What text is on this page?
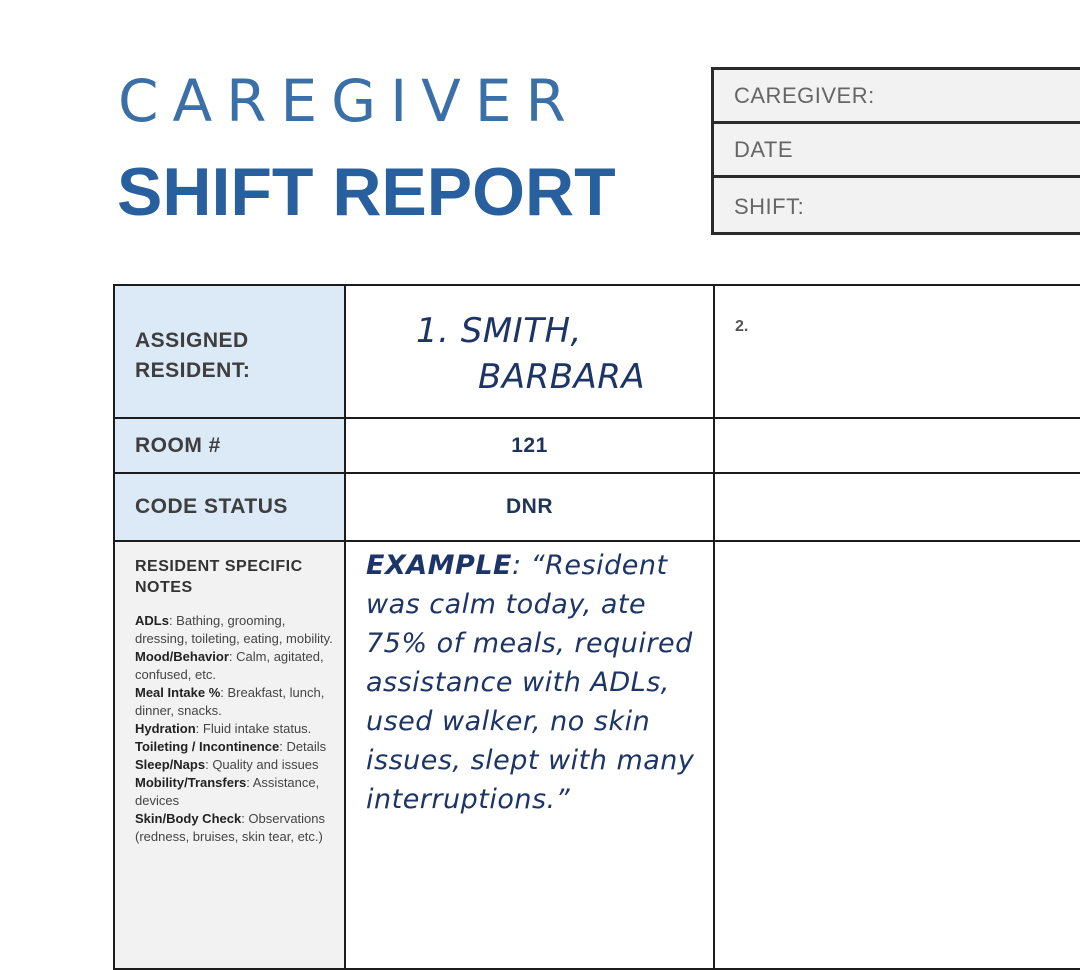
CAREGIVER
SHIFT REPORT
CAREGIVER:
DATE
SHIFT:
ASSIGNED RESIDENT:
1. SMITH,
BARBARA
2.
ROOM #	121
CODE STATUS	DNR
RESIDENT SPECIFIC NOTES
ADLs: Bathing, grooming, dressing, toileting, eating, mobility.
Mood/Behavior: Calm, agitated, confused, etc.
Meal Intake %: Breakfast, lunch, dinner, snacks.
Hydration: Fluid intake status.
Toileting / Incontinence: Details
Sleep/Naps: Quality and issues
Mobility/Transfers: Assistance, devices
Skin/Body Check: Observations (redness, bruises, skin tear, etc.)
EXAMPLE: “Resident was calm today, ate 75% of meals, required assistance with ADLs, used walker, no skin issues, slept with many interruptions.”
